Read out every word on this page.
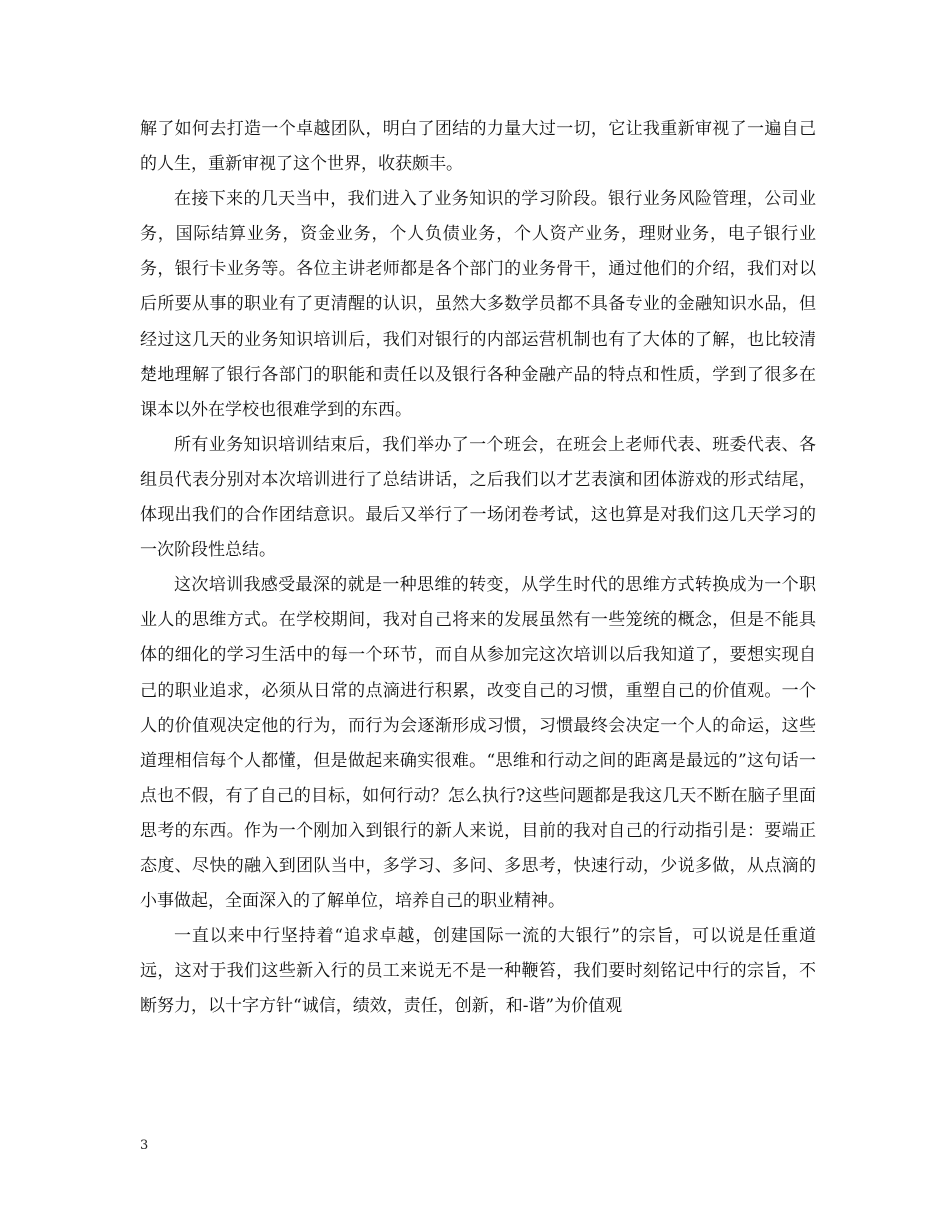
解了如何去打造一个卓越团队，明白了团结的力量大过一切，它让我重新审视了一遍自己的人生，重新审视了这个世界，收获颇丰。

在接下来的几天当中，我们进入了业务知识的学习阶段。银行业务风险管理，公司业务，国际结算业务，资金业务，个人负债业务，个人资产业务，理财业务，电子银行业务，银行卡业务等。各位主讲老师都是各个部门的业务骨干，通过他们的介绍，我们对以后所要从事的职业有了更清醒的认识，虽然大多数学员都不具备专业的金融知识水品，但经过这几天的业务知识培训后，我们对银行的内部运营机制也有了大体的了解，也比较清楚地理解了银行各部门的职能和责任以及银行各种金融产品的特点和性质，学到了很多在课本以外在学校也很难学到的东西。

所有业务知识培训结束后，我们举办了一个班会，在班会上老师代表、班委代表、各组员代表分别对本次培训进行了总结讲话，之后我们以才艺表演和团体游戏的形式结尾，体现出我们的合作团结意识。最后又举行了一场闭卷考试，这也算是对我们这几天学习的一次阶段性总结。

这次培训我感受最深的就是一种思维的转变，从学生时代的思维方式转换成为一个职业人的思维方式。在学校期间，我对自己将来的发展虽然有一些笼统的概念，但是不能具体的细化的学习生活中的每一个环节，而自从参加完这次培训以后我知道了，要想实现自己的职业追求，必须从日常的点滴进行积累，改变自己的习惯，重塑自己的价值观。一个人的价值观决定他的行为，而行为会逐渐形成习惯，习惯最终会决定一个人的命运，这些道理相信每个人都懂，但是做起来确实很难。“思维和行动之间的距离是最远的”这句话一点也不假，有了自己的目标，如何行动？怎么执行?这些问题都是我这几天不断在脑子里面思考的东西。作为一个刚加入到银行的新人来说，目前的我对自己的行动指引是：要端正态度、尽快的融入到团队当中，多学习、多问、多思考，快速行动，少说多做，从点滴的小事做起，全面深入的了解单位，培养自己的职业精神。

一直以来中行坚持着“追求卓越，创建国际一流的大银行”的宗旨，可以说是任重道远，这对于我们这些新入行的员工来说无不是一种鞭笞，我们要时刻铭记中行的宗旨，不断努力，以十字方针“诚信，绩效，责任，创新，和-谐”为价值观

3
